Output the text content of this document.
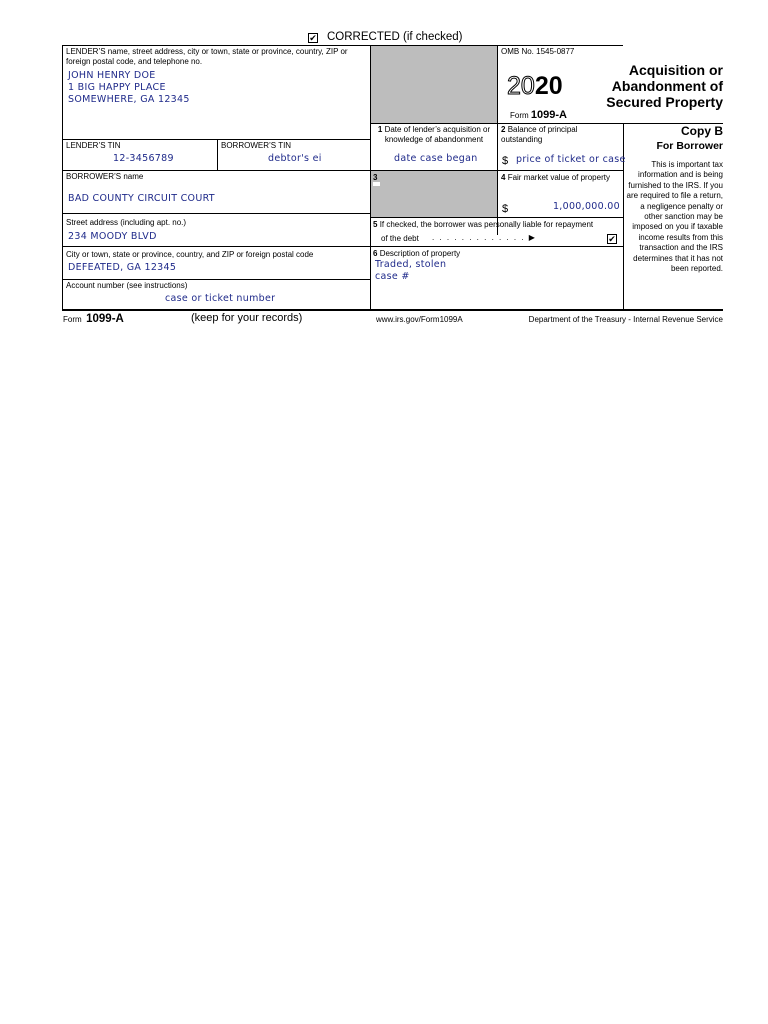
✔ CORRECTED (if checked)
LENDER’S name, street address, city or town, state or province, country, ZIP or foreign postal code, and telephone no.
JOHN HENRY DOE
1 BIG HAPPY PLACE
SOMEWHERE, GA 12345
OMB No. 1545-0877
2020
Form 1099-A
Acquisition or
Abandonment of
Secured Property
Copy B
For Borrower
This is important tax information and is being furnished to the IRS. If you are required to file a return, a negligence penalty or other sanction may be imposed on you if taxable income results from this transaction and the IRS determines that it has not been reported.
LENDER’S TIN
12-3456789
BORROWER’S TIN
debtor's ei
1 Date of lender’s acquisition or knowledge of abandonment
date case began
2 Balance of principal outstanding
$ price of ticket or case
BORROWER’S name
BAD COUNTY CIRCUIT COURT
3	4 Fair market value of property
$	1,000,000.00
Street address (including apt. no.)
234 MOODY BLVD
5 If checked, the borrower was personally liable for repayment
of the debt . . . . . . . . . . . . . ▶	✔
City or town, state or province, country, and ZIP or foreign postal code
DEFEATED, GA 12345
6 Description of property
Traded, stolen
case #
Account number (see instructions)
case or ticket number
Form 1099-A	(keep for your records)	www.irs.gov/Form1099A	Department of the Treasury - Internal Revenue Service
